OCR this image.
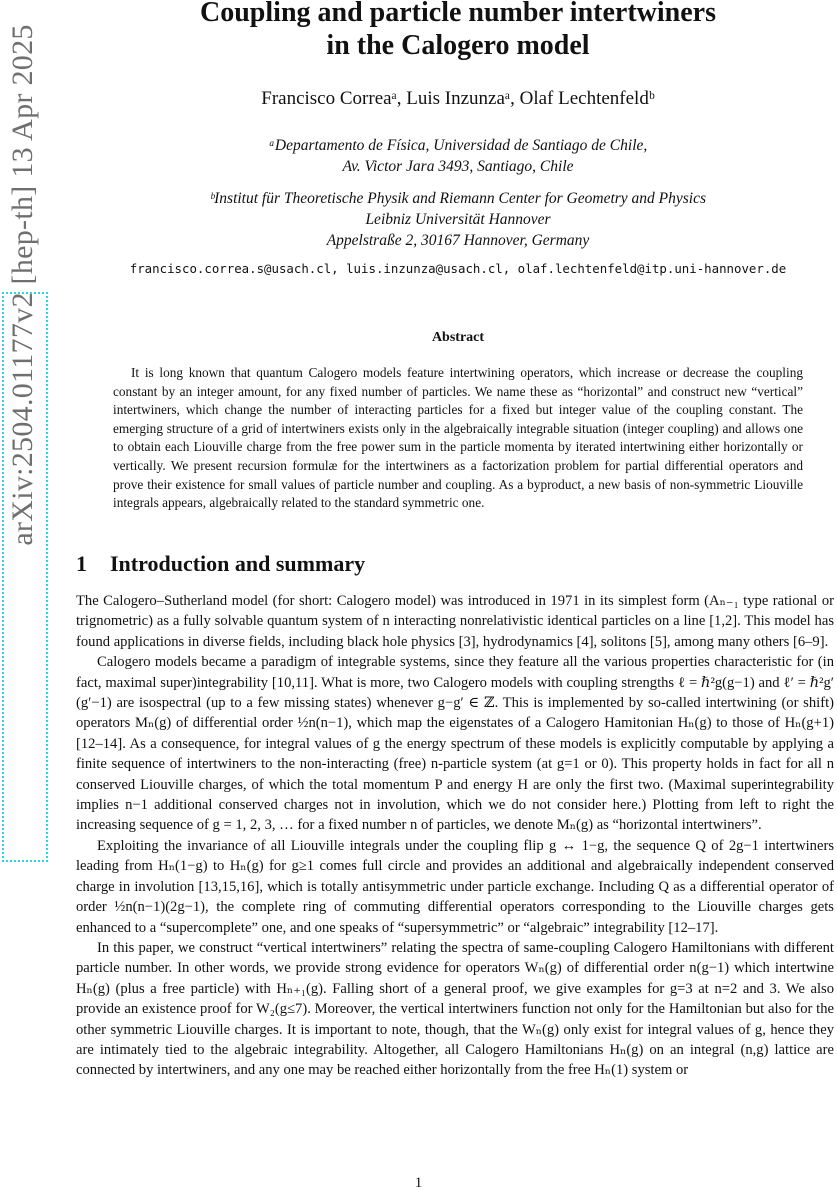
arXiv:2504.01177v2 [hep-th] 13 Apr 2025
Coupling and particle number intertwiners
in the Calogero model
Francisco Correaᵃ, Luis Inzunzaᵃ, Olaf Lechtenfeldᵇ
ᵃDepartamento de Física, Universidad de Santiago de Chile,
Av. Victor Jara 3493, Santiago, Chile
ᵇInstitut für Theoretische Physik and Riemann Center for Geometry and Physics
Leibniz Universität Hannover
Appelstraße 2, 30167 Hannover, Germany
francisco.correa.s@usach.cl, luis.inzunza@usach.cl, olaf.lechtenfeld@itp.uni-hannover.de
Abstract
It is long known that quantum Calogero models feature intertwining operators, which increase or decrease the coupling constant by an integer amount, for any fixed number of particles. We name these as “horizontal” and construct new “vertical” intertwiners, which change the number of interacting particles for a fixed but integer value of the coupling constant. The emerging structure of a grid of intertwiners exists only in the algebraically integrable situation (integer coupling) and allows one to obtain each Liouville charge from the free power sum in the particle momenta by iterated intertwining either horizontally or vertically. We present recursion formulæ for the intertwiners as a factorization problem for partial differential operators and prove their existence for small values of particle number and coupling. As a byproduct, a new basis of non-symmetric Liouville integrals appears, algebraically related to the standard symmetric one.
1 Introduction and summary

The Calogero–Sutherland model (for short: Calogero model) was introduced in 1971 in its simplest form (Aₙ₋₁ type rational or trignometric) as a fully solvable quantum system of n interacting nonrelativistic identical particles on a line [1,2]. This model has found applications in diverse fields, including black hole physics [3], hydrodynamics [4], solitons [5], among many others [6–9].

Calogero models became a paradigm of integrable systems, since they feature all the various properties characteristic for (in fact, maximal super)integrability [10,11]. What is more, two Calogero models with coupling strengths ℓ = ℏ²g(g−1) and ℓ′ = ℏ²g′(g′−1) are isospectral (up to a few missing states) whenever g−g′ ∈ ℤ. This is implemented by so-called intertwining (or shift) operators Mₙ(g) of differential order ½n(n−1), which map the eigenstates of a Calogero Hamitonian Hₙ(g) to those of Hₙ(g+1) [12–14]. As a consequence, for integral values of g the energy spectrum of these models is explicitly computable by applying a finite sequence of intertwiners to the non-interacting (free) n-particle system (at g=1 or 0). This property holds in fact for all n conserved Liouville charges, of which the total momentum P and energy H are only the first two. (Maximal superintegrability implies n−1 additional conserved charges not in involution, which we do not consider here.) Plotting from left to right the increasing sequence of g = 1, 2, 3, … for a fixed number n of particles, we denote Mₙ(g) as “horizontal intertwiners”.

Exploiting the invariance of all Liouville integrals under the coupling flip g ↔ 1−g, the sequence Q of 2g−1 intertwiners leading from Hₙ(1−g) to Hₙ(g) for g≥1 comes full circle and provides an additional and algebraically independent conserved charge in involution [13,15,16], which is totally antisymmetric under particle exchange. Including Q as a differential operator of order ½n(n−1)(2g−1), the complete ring of commuting differential operators corresponding to the Liouville charges gets enhanced to a “supercomplete” one, and one speaks of “supersymmetric” or “algebraic” integrability [12–17].

In this paper, we construct “vertical intertwiners” relating the spectra of same-coupling Calogero Hamiltonians with different particle number. In other words, we provide strong evidence for operators Wₙ(g) of differential order n(g−1) which intertwine Hₙ(g) (plus a free particle) with Hₙ₊₁(g). Falling short of a general proof, we give examples for g=3 at n=2 and 3. We also provide an existence proof for W₂(g≤7). Moreover, the vertical intertwiners function not only for the Hamiltonian but also for the other symmetric Liouville charges. It is important to note, though, that the Wₙ(g) only exist for integral values of g, hence they are intimately tied to the algebraic integrability. Altogether, all Calogero Hamiltonians Hₙ(g) on an integral (n,g) lattice are connected by intertwiners, and any one may be reached either horizontally from the free Hₙ(1) system or

1
